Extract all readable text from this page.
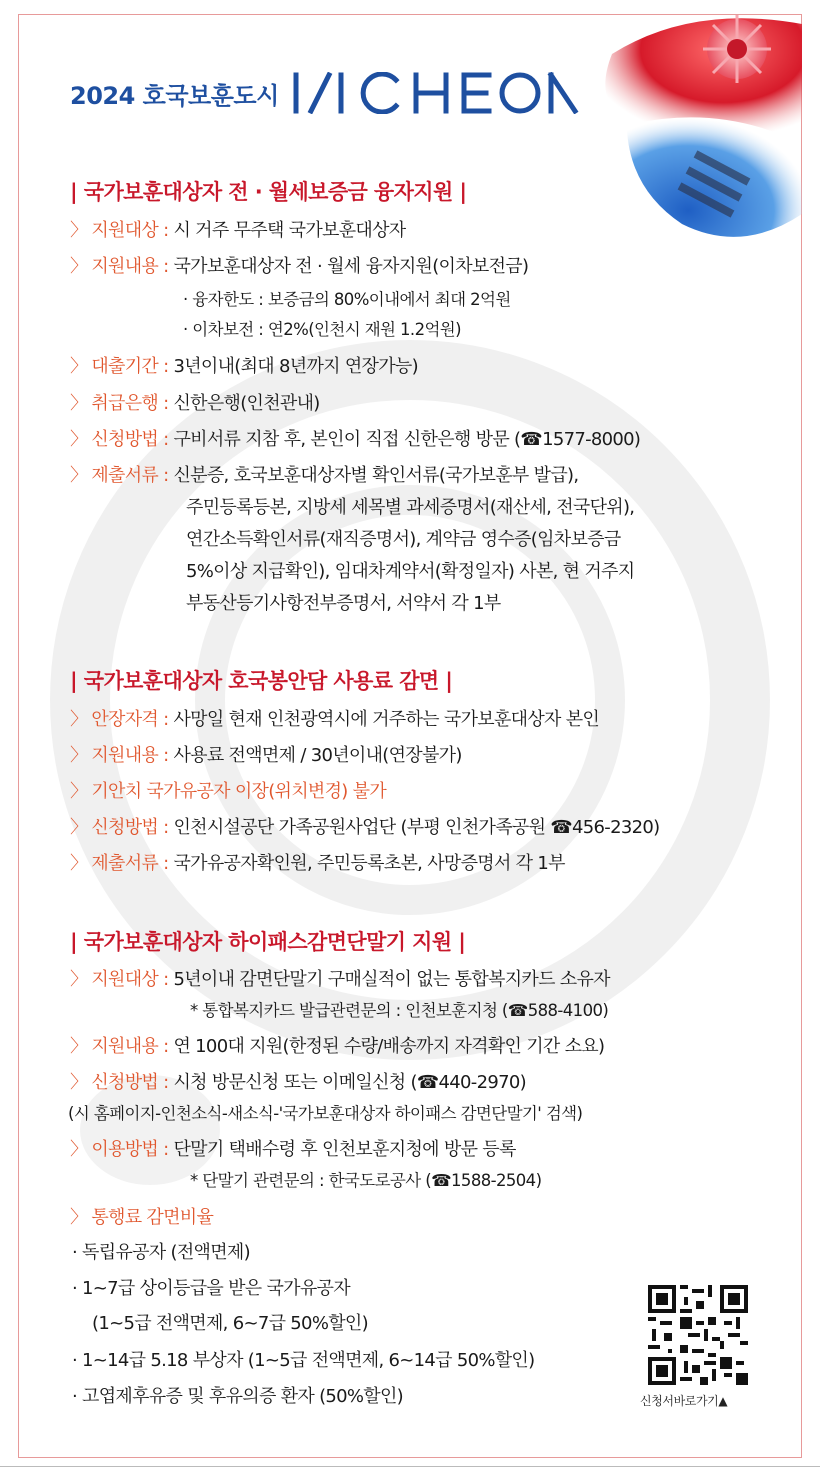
2024 호국보훈도시
| 국가보훈대상자 전 · 월세보증금 융자지원 |
〉 지원대상 : 시 거주 무주택 국가보훈대상자
〉 지원내용 : 국가보훈대상자 전 · 월세 융자지원(이차보전금)
· 융자한도 : 보증금의 80%이내에서 최대 2억원
· 이차보전 : 연2%(인천시 재원 1.2억원)
〉 대출기간 : 3년이내(최대 8년까지 연장가능)
〉 취급은행 : 신한은행(인천관내)
〉 신청방법 : 구비서류 지참 후, 본인이 직접 신한은행 방문 (☎1577-8000)
〉 제출서류 : 신분증, 호국보훈대상자별 확인서류(국가보훈부 발급),
주민등록등본, 지방세 세목별 과세증명서(재산세, 전국단위),
연간소득확인서류(재직증명서), 계약금 영수증(임차보증금
5%이상 지급확인), 임대차계약서(확정일자) 사본, 현 거주지
부동산등기사항전부증명서, 서약서 각 1부
| 국가보훈대상자 호국봉안담 사용료 감면 |
〉 안장자격 : 사망일 현재 인천광역시에 거주하는 국가보훈대상자 본인
〉 지원내용 : 사용료 전액면제 / 30년이내(연장불가)
〉 기안치 국가유공자 이장(위치변경) 불가
〉 신청방법 : 인천시설공단 가족공원사업단 (부평 인천가족공원 ☎456-2320)
〉 제출서류 : 국가유공자확인원, 주민등록초본, 사망증명서 각 1부
| 국가보훈대상자 하이패스감면단말기 지원 |
〉 지원대상 : 5년이내 감면단말기 구매실적이 없는 통합복지카드 소유자
* 통합복지카드 발급관련문의 : 인천보훈지청 (☎588-4100)
〉 지원내용 : 연 100대 지원(한정된 수량/배송까지 자격확인 기간 소요)
〉 신청방법 : 시청 방문신청 또는 이메일신청 (☎440-2970)
(시 홈페이지-인천소식-새소식-'국가보훈대상자 하이패스 감면단말기' 검색)
〉 이용방법 : 단말기 택배수령 후 인천보훈지청에 방문 등록
* 단말기 관련문의 : 한국도로공사 (☎1588-2504)
〉 통행료 감면비율
· 독립유공자 (전액면제)
· 1~7급 상이등급을 받은 국가유공자
(1~5급 전액면제, 6~7급 50%할인)
· 1~14급 5.18 부상자 (1~5급 전액면제, 6~14급 50%할인)
· 고엽제후유증 및 후유의증 환자 (50%할인)	신청서바로가기▲
